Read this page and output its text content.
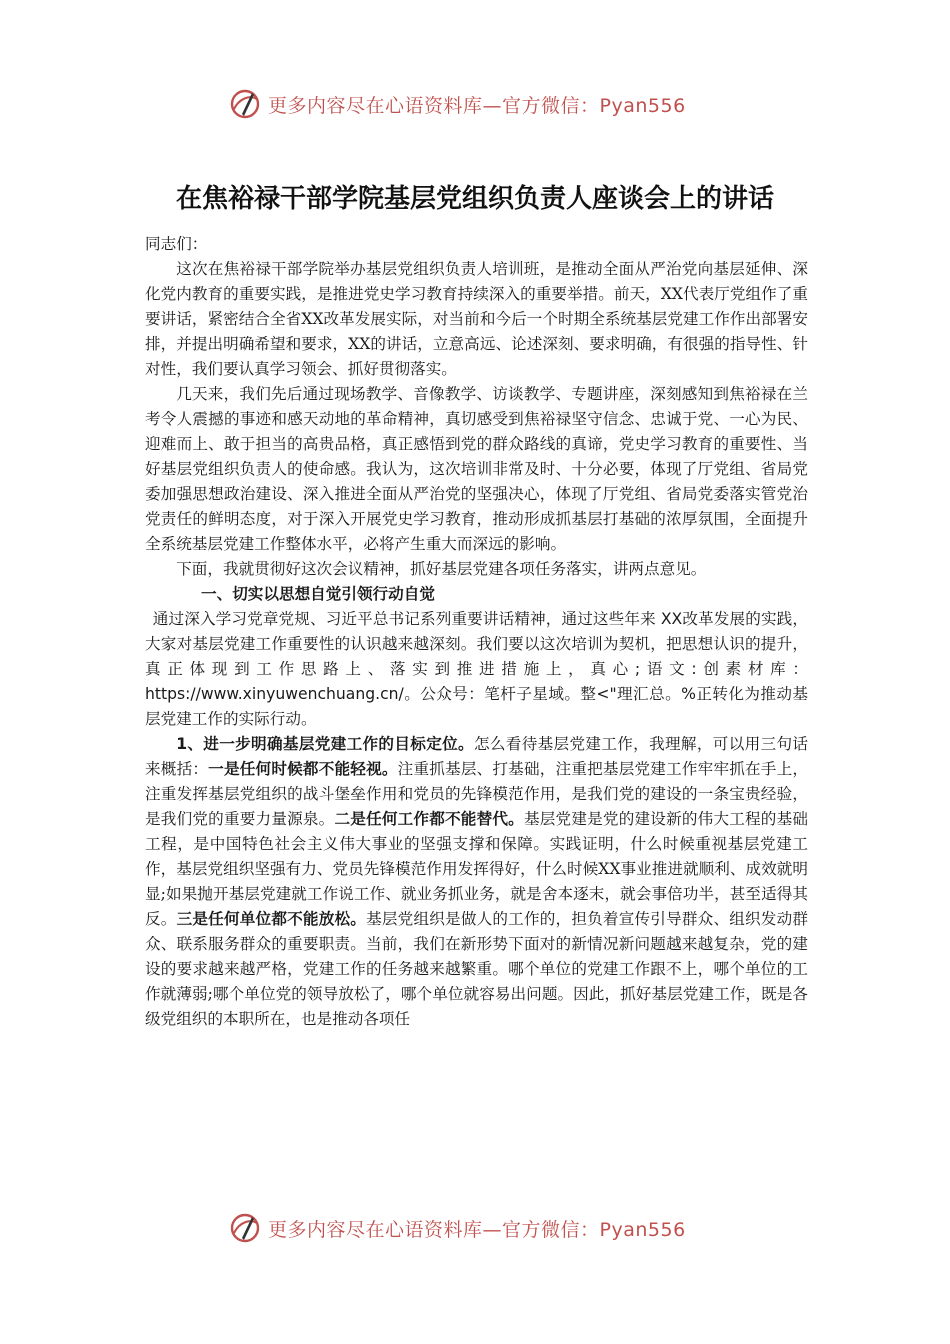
更多内容尽在心语资料库—官方微信：Pyan556
在焦裕禄干部学院基层党组织负责人座谈会上的讲话

同志们：

这次在焦裕禄干部学院举办基层党组织负责人培训班，是推动全面从严治党向基层延伸、深化党内教育的重要实践，是推进党史学习教育持续深入的重要举措。前天，XX代表厅党组作了重要讲话，紧密结合全省XX改革发展实际，对当前和今后一个时期全系统基层党建工作作出部署安排，并提出明确希望和要求，XX的讲话，立意高远、论述深刻、要求明确，有很强的指导性、针对性，我们要认真学习领会、抓好贯彻落实。

几天来，我们先后通过现场教学、音像教学、访谈教学、专题讲座，深刻感知到焦裕禄在兰考令人震撼的事迹和感天动地的革命精神，真切感受到焦裕禄坚守信念、忠诚于党、一心为民、迎难而上、敢于担当的高贵品格，真正感悟到党的群众路线的真谛，党史学习教育的重要性、当好基层党组织负责人的使命感。我认为，这次培训非常及时、十分必要，体现了厅党组、省局党委加强思想政治建设、深入推进全面从严治党的坚强决心，体现了厅党组、省局党委落实管党治党责任的鲜明态度，对于深入开展党史学习教育，推动形成抓基层打基础的浓厚氛围，全面提升全系统基层党建工作整体水平，必将产生重大而深远的影响。

下面，我就贯彻好这次会议精神，抓好基层党建各项任务落实，讲两点意见。

一、切实以思想自觉引领行动自觉

通过深入学习党章党规、习近平总书记系列重要讲话精神，通过这些年来 XX改革发展的实践，大家对基层党建工作重要性的认识越来越深刻。我们要以这次培训为契机，把思想认识的提升，真正体现到工作思路上、落实到推进措施上，真心;语文:创素材库：https://www.xinyuwenchuang.cn/。公众号：笔杆子星域。整<"理汇总。%正转化为推动基层党建工作的实际行动。

1、进一步明确基层党建工作的目标定位。怎么看待基层党建工作，我理解，可以用三句话来概括：一是任何时候都不能轻视。注重抓基层、打基础，注重把基层党建工作牢牢抓在手上，注重发挥基层党组织的战斗堡垒作用和党员的先锋模范作用，是我们党的建设的一条宝贵经验，是我们党的重要力量源泉。二是任何工作都不能替代。基层党建是党的建设新的伟大工程的基础工程，是中国特色社会主义伟大事业的坚强支撑和保障。实践证明，什么时候重视基层党建工作，基层党组织坚强有力、党员先锋模范作用发挥得好，什么时候XX事业推进就顺利、成效就明显;如果抛开基层党建就工作说工作、就业务抓业务，就是舍本逐末，就会事倍功半，甚至适得其反。三是任何单位都不能放松。基层党组织是做人的工作的，担负着宣传引导群众、组织发动群众、联系服务群众的重要职责。当前，我们在新形势下面对的新情况新问题越来越复杂，党的建设的要求越来越严格，党建工作的任务越来越繁重。哪个单位的党建工作跟不上，哪个单位的工作就薄弱;哪个单位党的领导放松了，哪个单位就容易出问题。因此，抓好基层党建工作，既是各级党组织的本职所在，也是推动各项任

更多内容尽在心语资料库—官方微信：Pyan556
